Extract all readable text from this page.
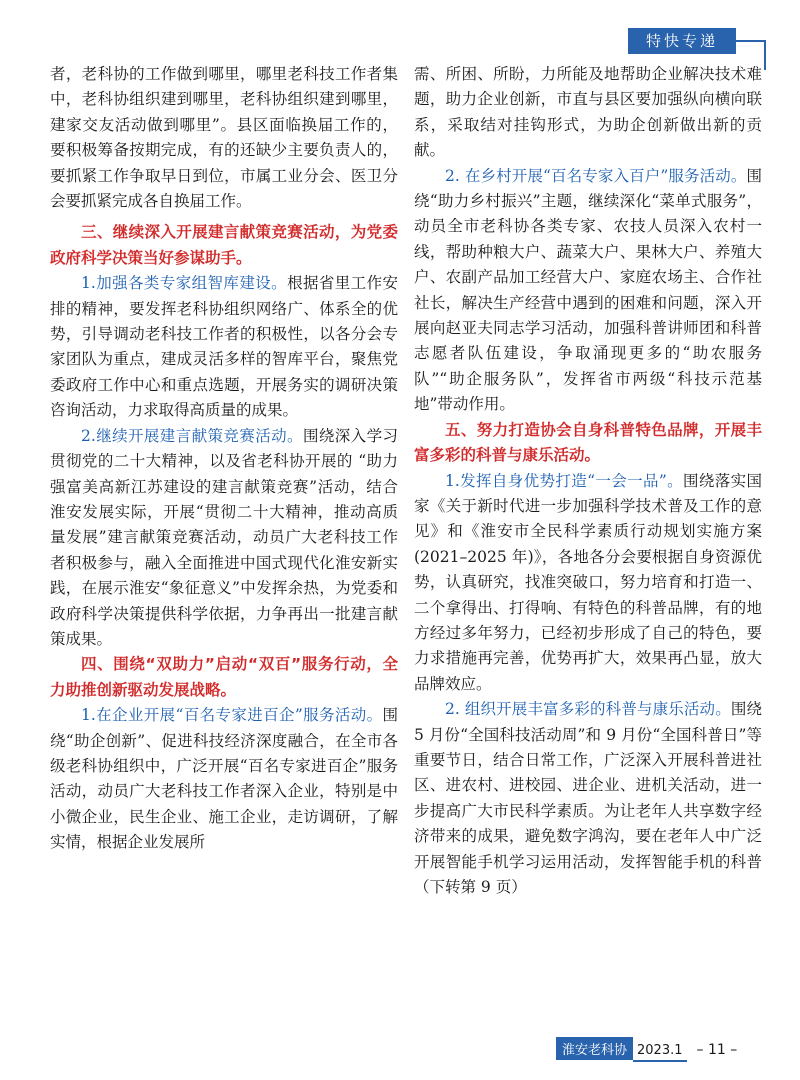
特快专递

者，老科协的工作做到哪里，哪里老科技工作者集中，老科协组织建到哪里，老科协组织建到哪里，建家交友活动做到哪里”。县区面临换届工作的，要积极筹备按期完成，有的还缺少主要负责人的，要抓紧工作争取早日到位，市属工业分会、医卫分会要抓紧完成各自换届工作。

三、继续深入开展建言献策竞赛活动，为党委政府科学决策当好参谋助手。

1.加强各类专家组智库建设。根据省里工作安排的精神，要发挥老科协组织网络广、体系全的优势，引导调动老科技工作者的积极性，以各分会专家团队为重点，建成灵活多样的智库平台，聚焦党委政府工作中心和重点选题，开展务实的调研决策咨询活动，力求取得高质量的成果。

2.继续开展建言献策竞赛活动。围绕深入学习贯彻党的二十大精神，以及省老科协开展的 “助力强富美高新江苏建设的建言献策竞赛”活动，结合淮安发展实际，开展“贯彻二十大精神，推动高质量发展”建言献策竞赛活动，动员广大老科技工作者积极参与，融入全面推进中国式现代化淮安新实践，在展示淮安“象征意义”中发挥余热，为党委和政府科学决策提供科学依据，力争再出一批建言献策成果。

四、围绕“双助力”启动“双百”服务行动，全力助推创新驱动发展战略。

1.在企业开展“百名专家进百企”服务活动。围绕“助企创新”、促进科技经济深度融合，在全市各级老科协组织中，广泛开展“百名专家进百企”服务活动，动员广大老科技工作者深入企业，特别是中小微企业，民生企业、施工企业，走访调研，了解实情，根据企业发展所

需、所困、所盼，力所能及地帮助企业解决技术难题，助力企业创新，市直与县区要加强纵向横向联系，采取结对挂钩形式，为助企创新做出新的贡献。

2. 在乡村开展“百名专家入百户”服务活动。围绕“助力乡村振兴”主题，继续深化“菜单式服务”，动员全市老科协各类专家、农技人员深入农村一线，帮助种粮大户、蔬菜大户、果林大户、养殖大户、农副产品加工经营大户、家庭农场主、合作社社长，解决生产经营中遇到的困难和问题，深入开展向赵亚夫同志学习活动，加强科普讲师团和科普志愿者队伍建设，争取涌现更多的“助农服务队”“助企服务队”，发挥省市两级“科技示范基地”带动作用。

五、努力打造协会自身科普特色品牌，开展丰富多彩的科普与康乐活动。

1.发挥自身优势打造“一会一品”。围绕落实国家《关于新时代进一步加强科学技术普及工作的意见》和《淮安市全民科学素质行动规划实施方案(2021–2025 年)》，各地各分会要根据自身资源优势，认真研究，找准突破口，努力培育和打造一、二个拿得出、打得响、有特色的科普品牌，有的地方经过多年努力，已经初步形成了自己的特色，要力求措施再完善，优势再扩大，效果再凸显，放大品牌效应。

2. 组织开展丰富多彩的科普与康乐活动。围绕 5 月份“全国科技活动周”和 9 月份“全国科普日”等重要节日，结合日常工作，广泛深入开展科普进社区、进农村、进校园、进企业、进机关活动，进一步提高广大市民科学素质。为让老年人共享数字经济带来的成果，避免数字鸿沟，要在老年人中广泛开展智能手机学习运用活动，发挥智能手机的科普（下转第 9 页）

淮安老科协 2023.1 – 11 –
